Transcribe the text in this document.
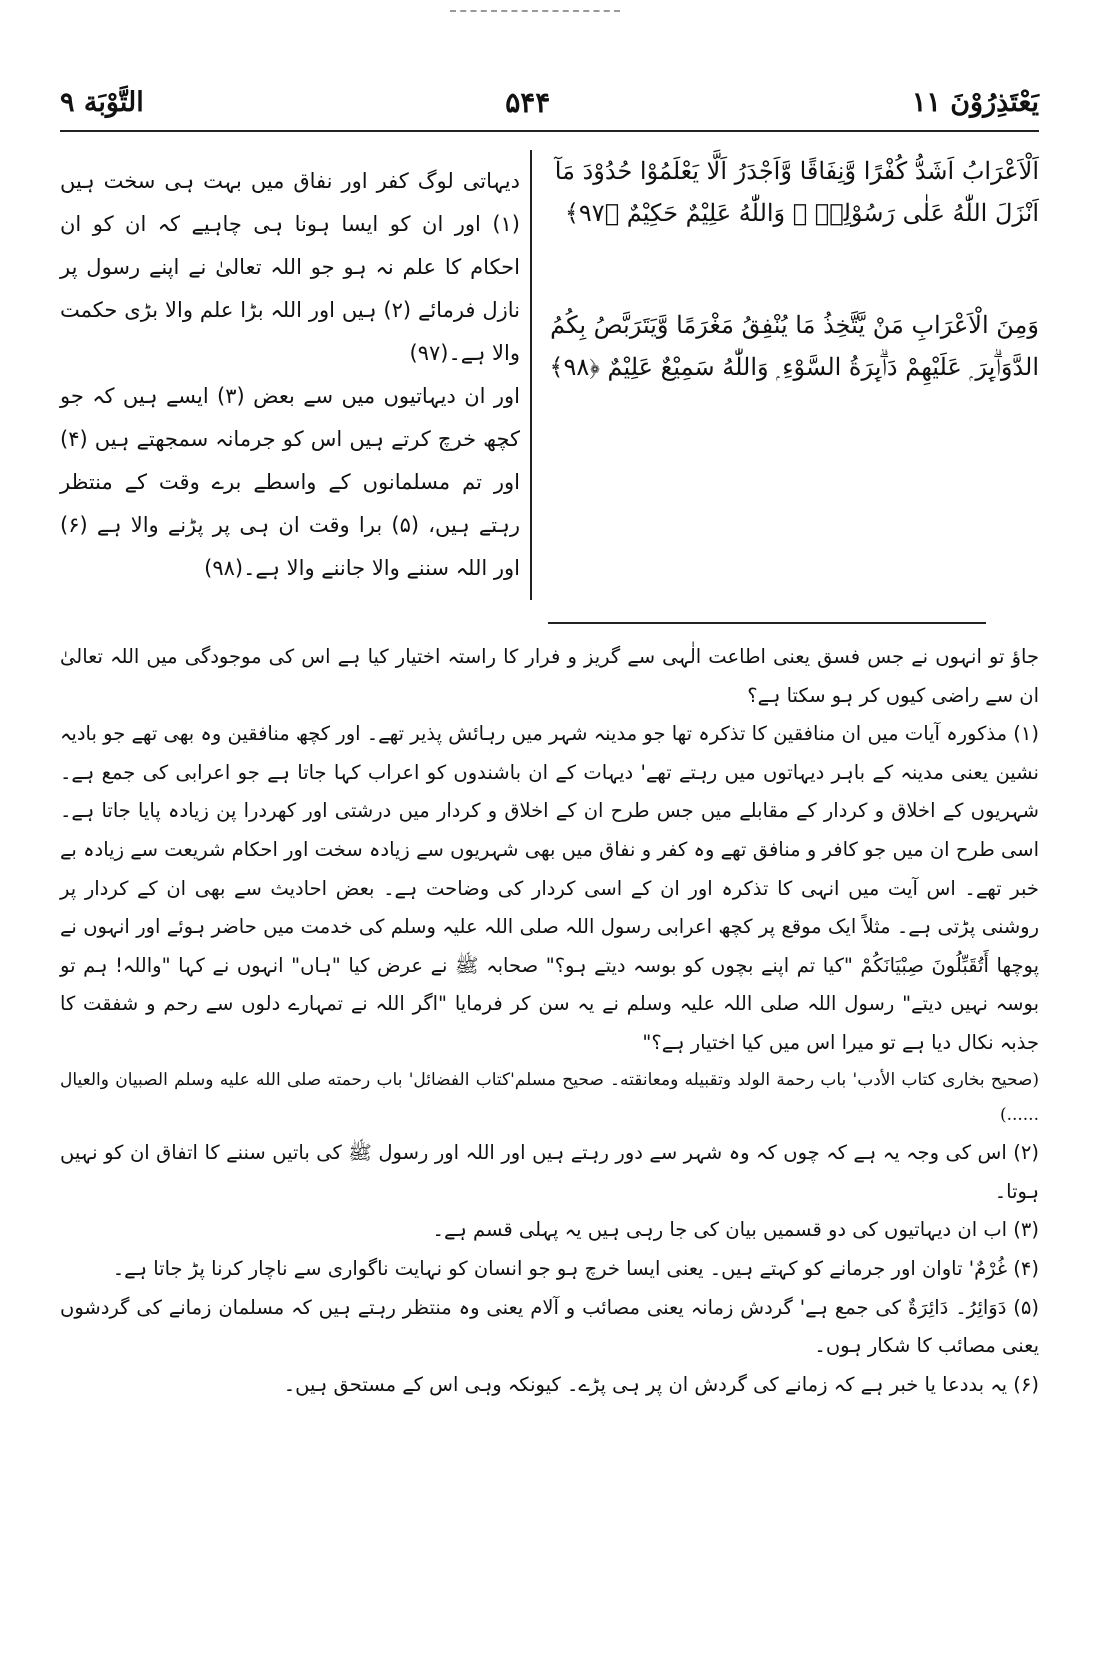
يَعْتَذِرُوْنَ ١١
۵۴۴
التَّوْبَة ٩

اَلْاَعْرَابُ اَشَدُّ كُفْرًا وَّنِفَاقًا وَّاَجْدَرُ اَلَّا يَعْلَمُوْا حُدُوْدَ مَآ اَنْزَلَ اللّٰهُ عَلٰى رَسُوْلِهٖ ۭ وَاللّٰهُ عَلِيْمٌ حَكِيْمٌ ﴿٩٧﴾

وَمِنَ الْاَعْرَابِ مَنْ يَّتَّخِذُ مَا يُنْفِقُ مَغْرَمًا وَّيَتَرَبَّصُ بِكُمُ الدَّوَاۗىِٕرَ ۭ عَلَيْهِمْ دَاۗىِٕرَةُ السَّوْءِ ۭ وَاللّٰهُ سَمِيْعٌ عَلِيْمٌ ﴿٩٨﴾

دیہاتی لوگ کفر اور نفاق میں بہت ہی سخت ہیں (۱) اور ان کو ایسا ہونا ہی چاہیے کہ ان کو ان احکام کا علم نہ ہو جو اللہ تعالیٰ نے اپنے رسول پر نازل فرمائے (۲) ہیں اور اللہ بڑا علم والا بڑی حکمت والا ہے۔(۹۷)

اور ان دیہاتیوں میں سے بعض (۳) ایسے ہیں کہ جو کچھ خرچ کرتے ہیں اس کو جرمانہ سمجھتے ہیں (۴) اور تم مسلمانوں کے واسطے برے وقت کے منتظر رہتے ہیں، (۵) برا وقت ان ہی پر پڑنے والا ہے (۶) اور اللہ سننے والا جاننے والا ہے۔(۹۸)

جاؤ تو انہوں نے جس فسق یعنی اطاعت الٰہی سے گریز و فرار کا راستہ اختیار کیا ہے اس کی موجودگی میں اللہ تعالیٰ ان سے راضی کیوں کر ہو سکتا ہے؟

(۱) مذکورہ آیات میں ان منافقین کا تذکرہ تھا جو مدینہ شہر میں رہائش پذیر تھے۔ اور کچھ منافقین وہ بھی تھے جو بادیہ نشین یعنی مدینہ کے باہر دیہاتوں میں رہتے تھے' دیہات کے ان باشندوں کو اعراب کہا جاتا ہے جو اعرابی کی جمع ہے۔ شہریوں کے اخلاق و کردار کے مقابلے میں جس طرح ان کے اخلاق و کردار میں درشتی اور کھردرا پن زیادہ پایا جاتا ہے۔ اسی طرح ان میں جو کافر و منافق تھے وہ کفر و نفاق میں بھی شہریوں سے زیادہ سخت اور احکام شریعت سے زیادہ بے خبر تھے۔ اس آیت میں انہی کا تذکرہ اور ان کے اسی کردار کی وضاحت ہے۔ بعض احادیث سے بھی ان کے کردار پر روشنی پڑتی ہے۔ مثلاً ایک موقع پر کچھ اعرابی رسول اللہ صلی اللہ علیہ وسلم کی خدمت میں حاضر ہوئے اور انہوں نے پوچھا أَتُقَبِّلُونَ صِبْيَانَكُمْ "کیا تم اپنے بچوں کو بوسہ دیتے ہو؟" صحابہ ﷺ نے عرض کیا "ہاں" انہوں نے کہا "واللہ! ہم تو بوسہ نہیں دیتے" رسول اللہ صلی اللہ علیہ وسلم نے یہ سن کر فرمایا "اگر اللہ نے تمہارے دلوں سے رحم و شفقت کا جذبہ نکال دیا ہے تو میرا اس میں کیا اختیار ہے؟"

(صحيح بخاری كتاب الأدب' باب رحمة الولد وتقبيله ومعانقته۔ صحيح مسلم'كتاب الفضائل' باب رحمته صلى الله عليه وسلم الصبيان والعيال ......)

(۲) اس کی وجہ یہ ہے کہ چوں کہ وہ شہر سے دور رہتے ہیں اور اللہ اور رسول ﷺ کی باتیں سننے کا اتفاق ان کو نہیں ہوتا۔

(۳) اب ان دیہاتیوں کی دو قسمیں بیان کی جا رہی ہیں یہ پہلی قسم ہے۔

(۴) غُرْمٌ' تاوان اور جرمانے کو کہتے ہیں۔ یعنی ایسا خرچ ہو جو انسان کو نہایت ناگواری سے ناچار کرنا پڑ جاتا ہے۔

(۵) دَوَائِرُ۔ دَائِرَةٌ کی جمع ہے' گردش زمانہ یعنی مصائب و آلام یعنی وہ منتظر رہتے ہیں کہ مسلمان زمانے کی گردشوں یعنی مصائب کا شکار ہوں۔

(۶) یہ بددعا یا خبر ہے کہ زمانے کی گردش ان پر ہی پڑے۔ کیونکہ وہی اس کے مستحق ہیں۔
